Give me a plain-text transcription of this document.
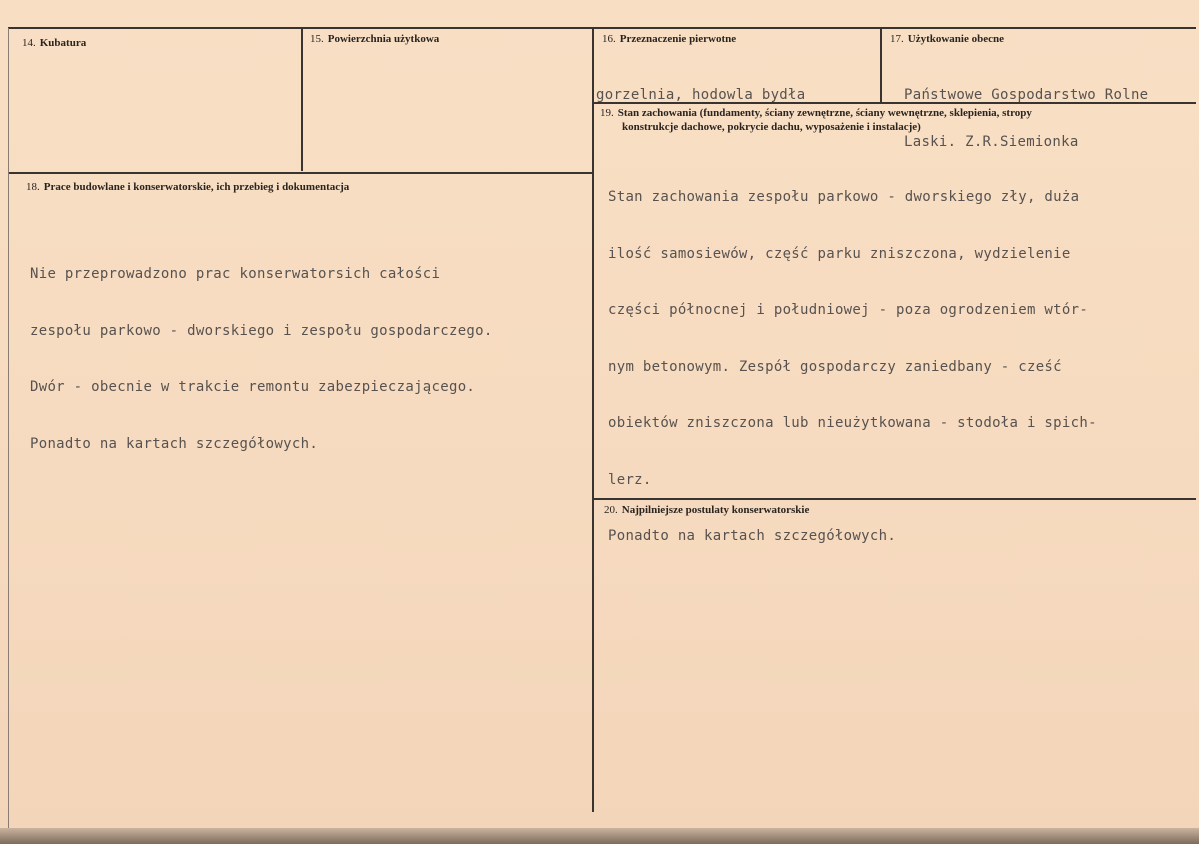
14. Kubatura	15. Powierzchnia użytkowa	16. Przeznaczenie pierwotne

gorzelnia, hodowla bydła

17. Użytkowanie obecne

Państwowe Gospodarstwo Rolne

Laski. Z.R.Siemionka

18. Prace budowlane i konserwatorskie, ich przebieg i dokumentacja

Nie przeprowadzono prac konserwatorsich całości

zespołu parkowo - dworskiego i zespołu gospodarczego.

Dwór - obecnie w trakcie remontu zabezpieczającego.

Ponadto na kartach szczegółowych.

19. Stan zachowania (fundamenty, ściany zewnętrzne, ściany wewnętrzne, sklepienia, stropy
konstrukcje dachowe, pokrycie dachu, wyposażenie i instalacje)

Stan zachowania zespołu parkowo - dworskiego zły, duża

ilość samosiewów, część parku zniszczona, wydzielenie

części północnej i południowej - poza ogrodzeniem wtór-

nym betonowym. Zespół gospodarczy zaniedbany - cześć

obiektów zniszczona lub nieużytkowana - stodoła i spich-

lerz.

Ponadto na kartach szczegółowych.

20. Najpilniejsze postulaty konserwatorskie
